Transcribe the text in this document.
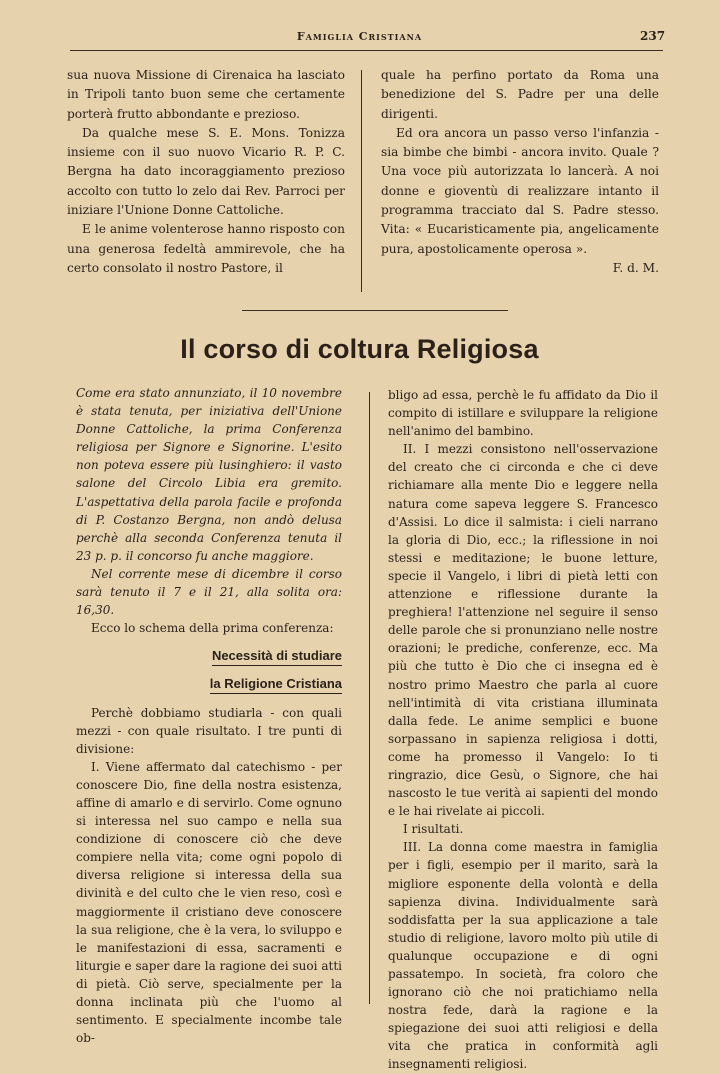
Famiglia Cristiana	237

sua nuova Missione di Cirenaica ha lasciato in Tripoli tanto buon seme che certamente porterà frutto abbondante e prezioso.

Da qualche mese S. E. Mons. Tonizza insieme con il suo nuovo Vicario R. P. C. Bergna ha dato incoraggiamento prezioso accolto con tutto lo zelo dai Rev. Parroci per iniziare l'Unione Donne Cattoliche.

E le anime volenterose hanno risposto con una generosa fedeltà ammirevole, che ha certo consolato il nostro Pastore, il

quale ha perfino portato da Roma una benedizione del S. Padre per una delle dirigenti.

Ed ora ancora un passo verso l'infanzia - sia bimbe che bimbi - ancora invito. Quale ? Una voce più autorizzata lo lancerà. A noi donne e gioventù di realizzare intanto il programma tracciato dal S. Padre stesso. Vita: « Eucaristicamente pia, angelicamente pura, apostolicamente operosa ».

F. d. M.

Il corso di coltura Religiosa

Come era stato annunziato, il 10 novembre è stata tenuta, per iniziativa dell'Unione Donne Cattoliche, la prima Conferenza religiosa per Signore e Signorine. L'esito non poteva essere più lusinghiero: il vasto salone del Circolo Libia era gremito. L'aspettativa della parola facile e profonda di P. Costanzo Bergna, non andò delusa perchè alla seconda Conferenza tenuta il 23 p. p. il concorso fu anche maggiore.

Nel corrente mese di dicembre il corso sarà tenuto il 7 e il 21, alla solita ora: 16,30.

Ecco lo schema della prima conferenza:

Necessità di studiare

la Religione Cristiana

Perchè dobbiamo studiarla - con quali mezzi - con quale risultato. I tre punti di divisione:

I. Viene affermato dal catechismo - per conoscere Dio, fine della nostra esistenza, affine di amarlo e di servirlo. Come ognuno si interessa nel suo campo e nella sua condizione di conoscere ciò che deve compiere nella vita; come ogni popolo di diversa religione si interessa della sua divinità e del culto che le vien reso, così e maggiormente il cristiano deve conoscere la sua religione, che è la vera, lo sviluppo e le manifestazioni di essa, sacramenti e liturgie e saper dare la ragione dei suoi atti di pietà. Ciò serve, specialmente per la donna inclinata più che l'uomo al sentimento. E specialmente incombe tale ob-

bligo ad essa, perchè le fu affidato da Dio il compito di istillare e sviluppare la religione nell'animo del bambino.

II. I mezzi consistono nell'osservazione del creato che ci circonda e che ci deve richiamare alla mente Dio e leggere nella natura come sapeva leggere S. Francesco d'Assisi. Lo dice il salmista: i cieli narrano la gloria di Dio, ecc.; la riflessione in noi stessi e meditazione; le buone letture, specie il Vangelo, i libri di pietà letti con attenzione e riflessione durante la preghiera! l'attenzione nel seguire il senso delle parole che si pronunziano nelle nostre orazioni; le prediche, conferenze, ecc. Ma più che tutto è Dio che ci insegna ed è nostro primo Maestro che parla al cuore nell'intimità di vita cristiana illuminata dalla fede. Le anime semplici e buone sorpassano in sapienza religiosa i dotti, come ha promesso il Vangelo: Io ti ringrazio, dice Gesù, o Signore, che hai nascosto le tue verità ai sapienti del mondo e le hai rivelate ai piccoli.

I risultati.

III. La donna come maestra in famiglia per i figli, esempio per il marito, sarà la migliore esponente della volontà e della sapienza divina. Individualmente sarà soddisfatta per la sua applicazione a tale studio di religione, lavoro molto più utile di qualunque occupazione e di ogni passatempo. In società, fra coloro che ignorano ciò che noi pratichiamo nella nostra fede, darà la ragione e la spiegazione dei suoi atti religiosi e della vita che pratica in conformità agli insegnamenti religiosi.
